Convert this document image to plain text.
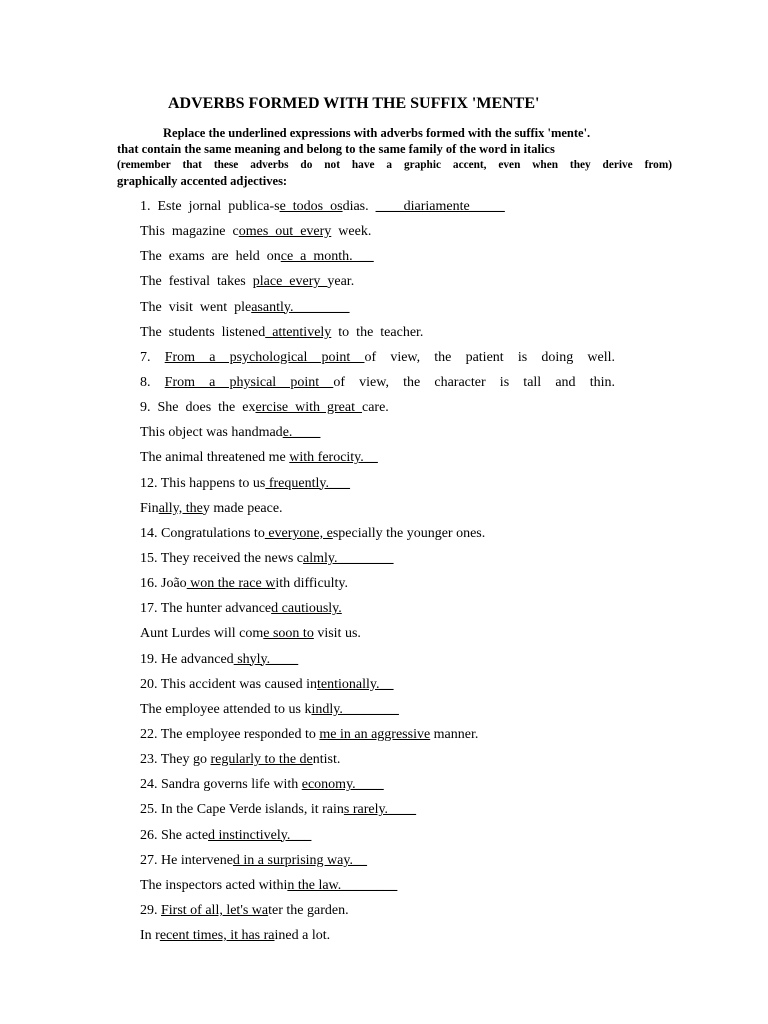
ADVERBS FORMED WITH THE SUFFIX 'MENTE'
Replace the underlined expressions with adverbs formed with the suffix 'mente'.
that contain the same meaning and belong to the same family of the word in italics
(remember that these adverbs do not have a graphic accent, even when they derive from)
graphically accented adjectives:
1.  Este  jornal  publica-se  todos  osdias.  ____diariamente_____
This  magazine  comes  out  every  week.
The  exams  are  held  once  a  month.  __
The  festival  takes  place  every  year.
The  visit  went  pleasantly.________
The  students  listened  attentively  to  the  teacher.
7.  From  a  psychological  point  of  view,  the  patient  is  doing  well.
8.  From  a  physical  point  of  view,  the  character  is  tall  and  thin.
9.  She  does  the  exercise  with  great  care.
This object was handmade.____
The animal threatened me with ferocity.__
12. This happens to us frequently.___
Finally, they made peace.
14. Congratulations to everyone, especially the younger ones.
15. They received the news calmly.________
16. João won the race with difficulty.
17. The hunter advanced cautiously.
Aunt Lurdes will come soon to visit us.
19. He advanced shyly.____
20. This accident was caused intentionally.__
The employee attended to us kindly.________
22. The employee responded to me in an aggressive manner.
23. They go regularly to the dentist.
24. Sandra governs life with economy.____
25. In the Cape Verde islands, it rains rarely.____
26. She acted instinctively.___
27. He intervened in a surprising way.__
The inspectors acted within the law.________
29. First of all, let's water the garden.
In recent times, it has rained a lot.
